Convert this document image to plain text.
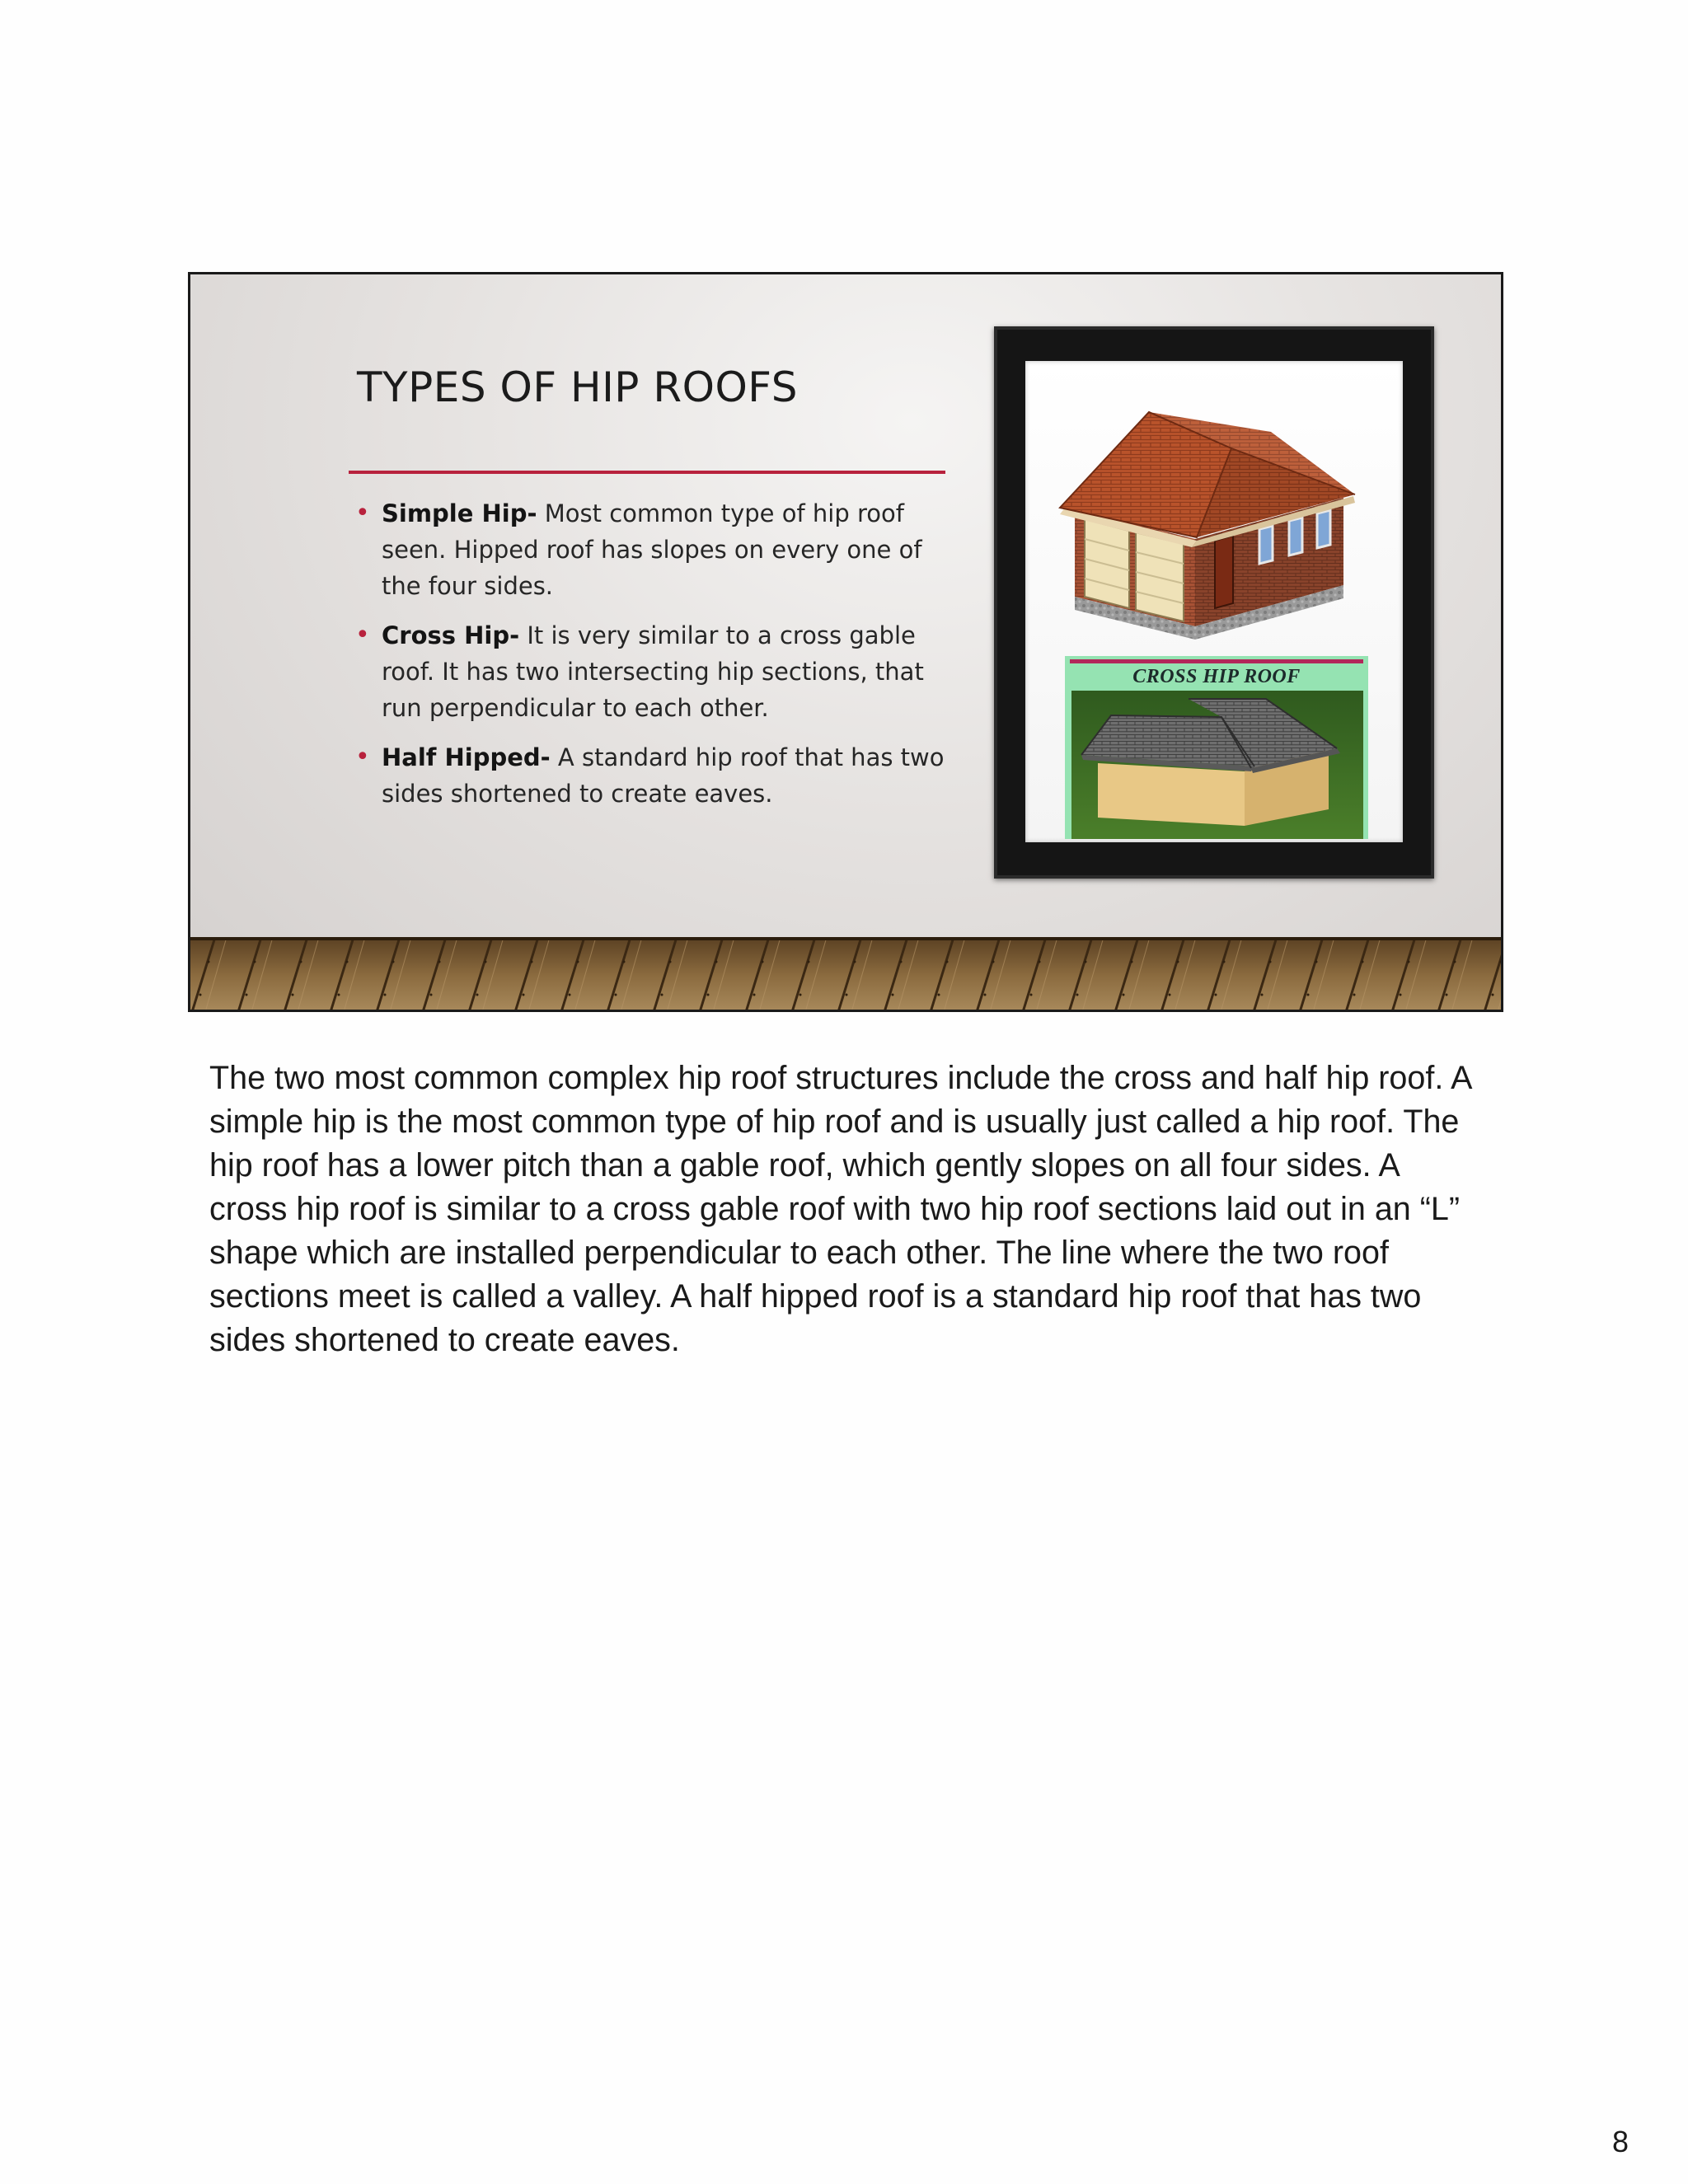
TYPES OF HIP ROOFS
• Simple Hip- Most common type of hip roof seen. Hipped roof has slopes on every one of the four sides.
• Cross Hip- It is very similar to a cross gable roof. It has two intersecting hip sections, that run perpendicular to each other.
• Half Hipped- A standard hip roof that has two sides shortened to create eaves.
CROSS HIP ROOF

The two most common complex hip roof structures include the cross and half hip roof. A simple hip is the most common type of hip roof and is usually just called a hip roof. The hip roof has a lower pitch than a gable roof, which gently slopes on all four sides. A cross hip roof is similar to a cross gable roof with two hip roof sections laid out in an “L” shape which are installed perpendicular to each other. The line where the two roof sections meet is called a valley. A half hipped roof is a standard hip roof that has two sides shortened to create eaves.

8
